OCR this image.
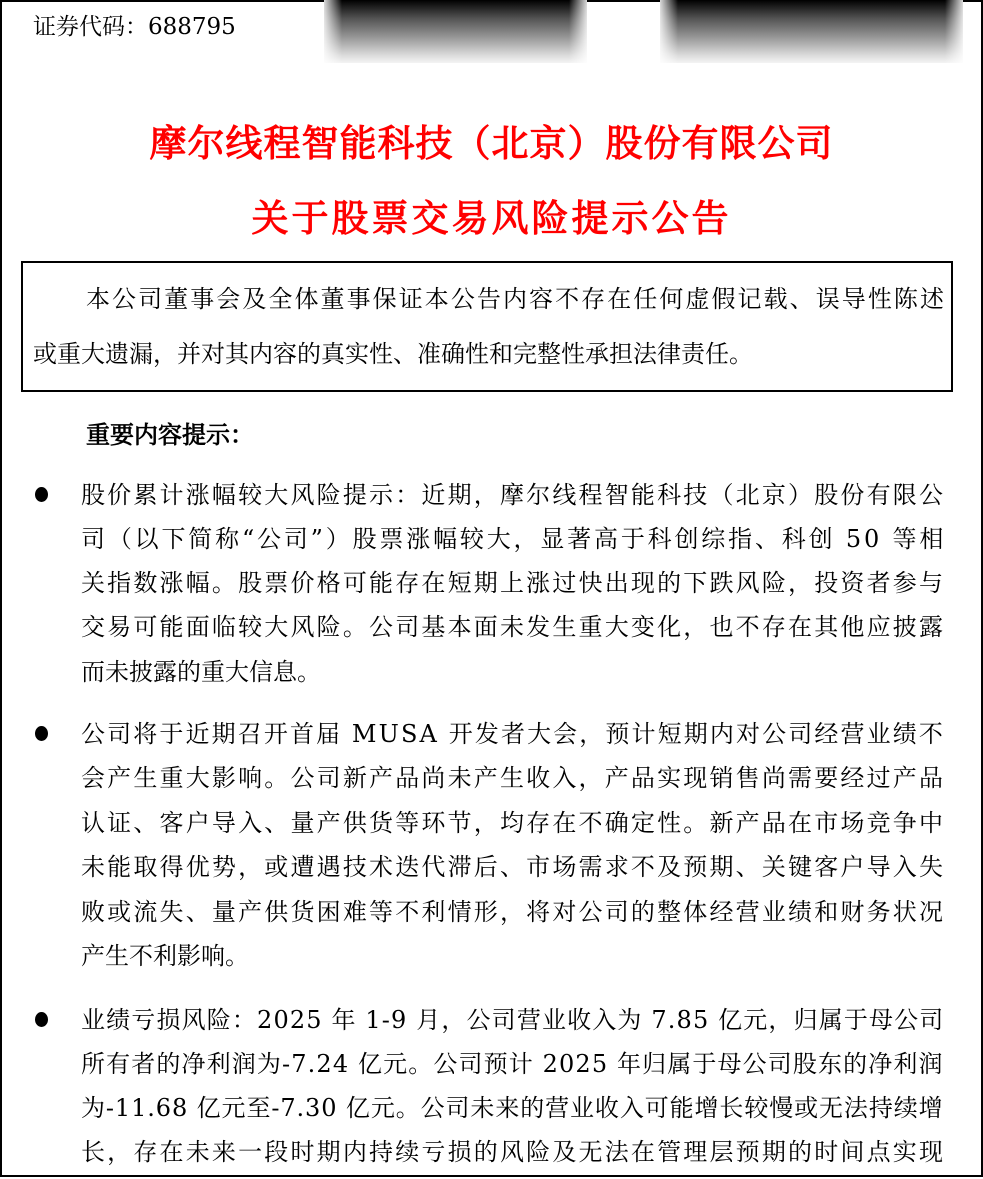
证券代码：688795
摩尔线程智能科技（北京）股份有限公司
关于股票交易风险提示公告
本公司董事会及全体董事保证本公告内容不存在任何虚假记载、误导性陈述
或重大遗漏，并对其内容的真实性、准确性和完整性承担法律责任。
重要内容提示：
股价累计涨幅较大风险提示：近期，摩尔线程智能科技（北京）股份有限公
司（以下简称“公司”）股票涨幅较大，显著高于科创综指、科创 50 等相
关指数涨幅。股票价格可能存在短期上涨过快出现的下跌风险，投资者参与
交易可能面临较大风险。公司基本面未发生重大变化，也不存在其他应披露
而未披露的重大信息。
公司将于近期召开首届 MUSA 开发者大会，预计短期内对公司经营业绩不
会产生重大影响。公司新产品尚未产生收入，产品实现销售尚需要经过产品
认证、客户导入、量产供货等环节，均存在不确定性。新产品在市场竞争中
未能取得优势，或遭遇技术迭代滞后、市场需求不及预期、关键客户导入失
败或流失、量产供货困难等不利情形，将对公司的整体经营业绩和财务状况
产生不利影响。
业绩亏损风险：2025 年 1-9 月，公司营业收入为 7.85 亿元，归属于母公司
所有者的净利润为-7.24 亿元。公司预计 2025 年归属于母公司股东的净利润
为-11.68 亿元至-7.30 亿元。公司未来的营业收入可能增长较慢或无法持续增
长，存在未来一段时期内持续亏损的风险及无法在管理层预期的时间点实现
